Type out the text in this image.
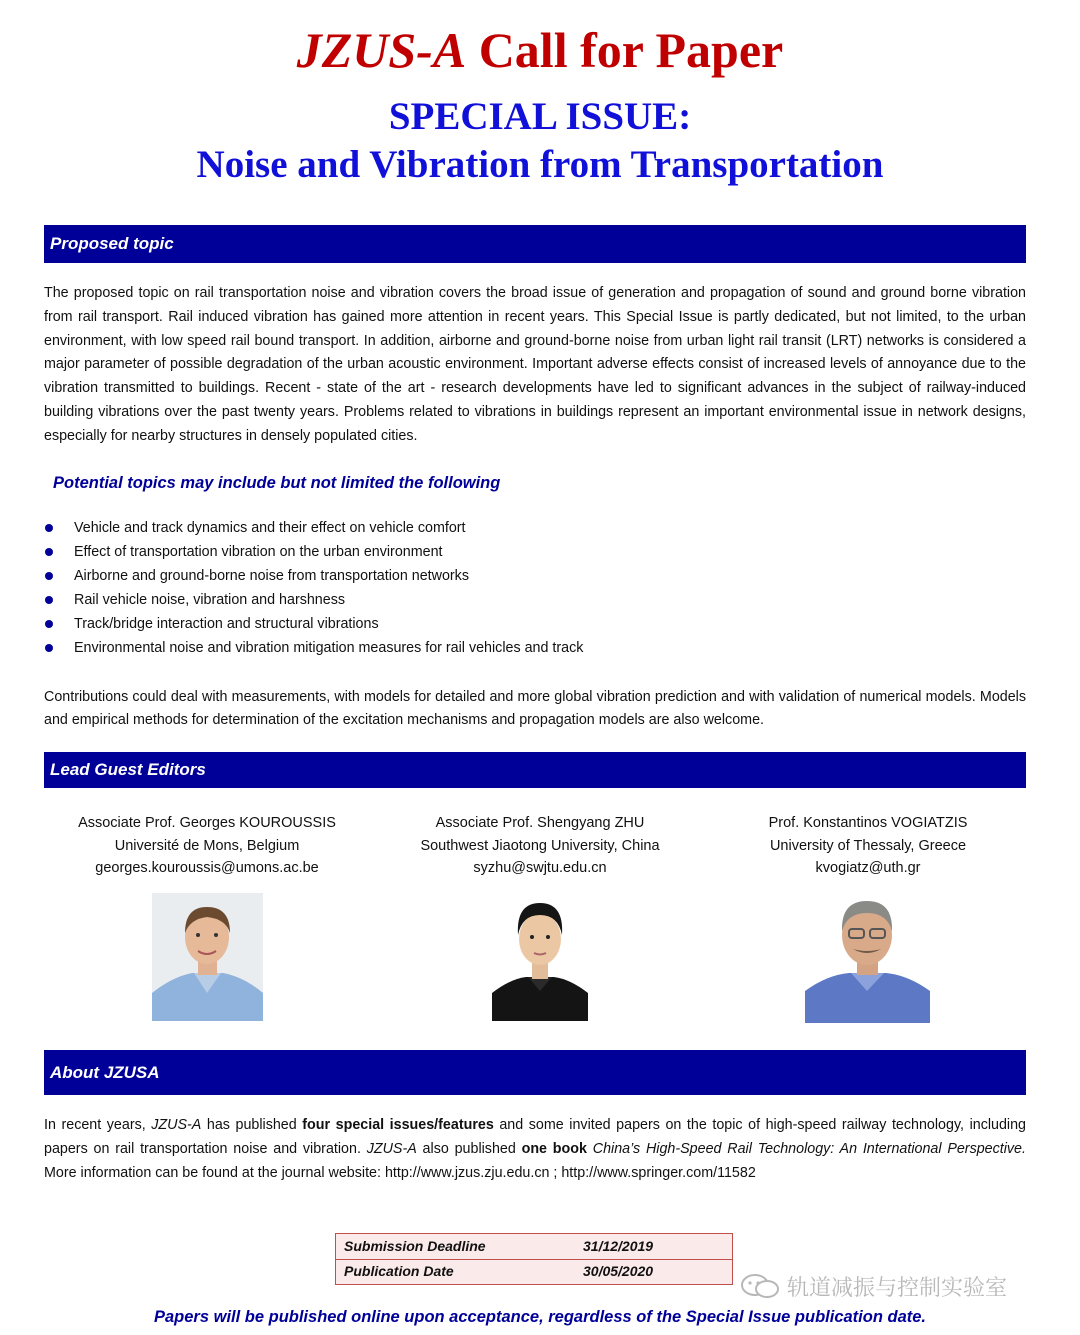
JZUS-A Call for Paper
SPECIAL ISSUE:
Noise and Vibration from Transportation
Proposed topic

The proposed topic on rail transportation noise and vibration covers the broad issue of generation and propagation of sound and ground borne vibration from rail transport. Rail induced vibration has gained more attention in recent years. This Special Issue is partly dedicated, but not limited, to the urban environment, with low speed rail bound transport. In addition, airborne and ground-borne noise from urban light rail transit (LRT) networks is considered a major parameter of possible degradation of the urban acoustic environment. Important adverse effects consist of increased levels of annoyance due to the vibration transmitted to buildings. Recent - state of the art - research developments have led to significant advances in the subject of railway-induced building vibrations over the past twenty years. Problems related to vibrations in buildings represent an important environmental issue in network designs, especially for nearby structures in densely populated cities.

Potential topics may include but not limited the following

Vehicle and track dynamics and their effect on vehicle comfort
Effect of transportation vibration on the urban environment
Airborne and ground-borne noise from transportation networks
Rail vehicle noise, vibration and harshness
Track/bridge interaction and structural vibrations
Environmental noise and vibration mitigation measures for rail vehicles and track

Contributions could deal with measurements, with models for detailed and more global vibration prediction and with validation of numerical models. Models and empirical methods for determination of the excitation mechanisms and propagation models are also welcome.

Lead Guest Editors
Associate Prof. Georges KOUROUSSIS
Université de Mons, Belgium
georges.kouroussis@umons.ac.be
Associate Prof. Shengyang ZHU
Southwest Jiaotong University, China
syzhu@swjtu.edu.cn
Prof. Konstantinos VOGIATZIS
University of Thessaly, Greece
kvogiatz@uth.gr
About JZUSA

In recent years, JZUS-A has published four special issues/features and some invited papers on the topic of high-speed railway technology, including papers on rail transportation noise and vibration. JZUS-A also published one book China’s High-Speed Rail Technology: An International Perspective. More information can be found at the journal website: http://www.jzus.zju.edu.cn ; http://www.springer.com/11582

Submission Deadline	31/12/2019
Publication Date	30/05/2020
轨道减振与控制实验室

Papers will be published online upon acceptance, regardless of the Special Issue publication date.
